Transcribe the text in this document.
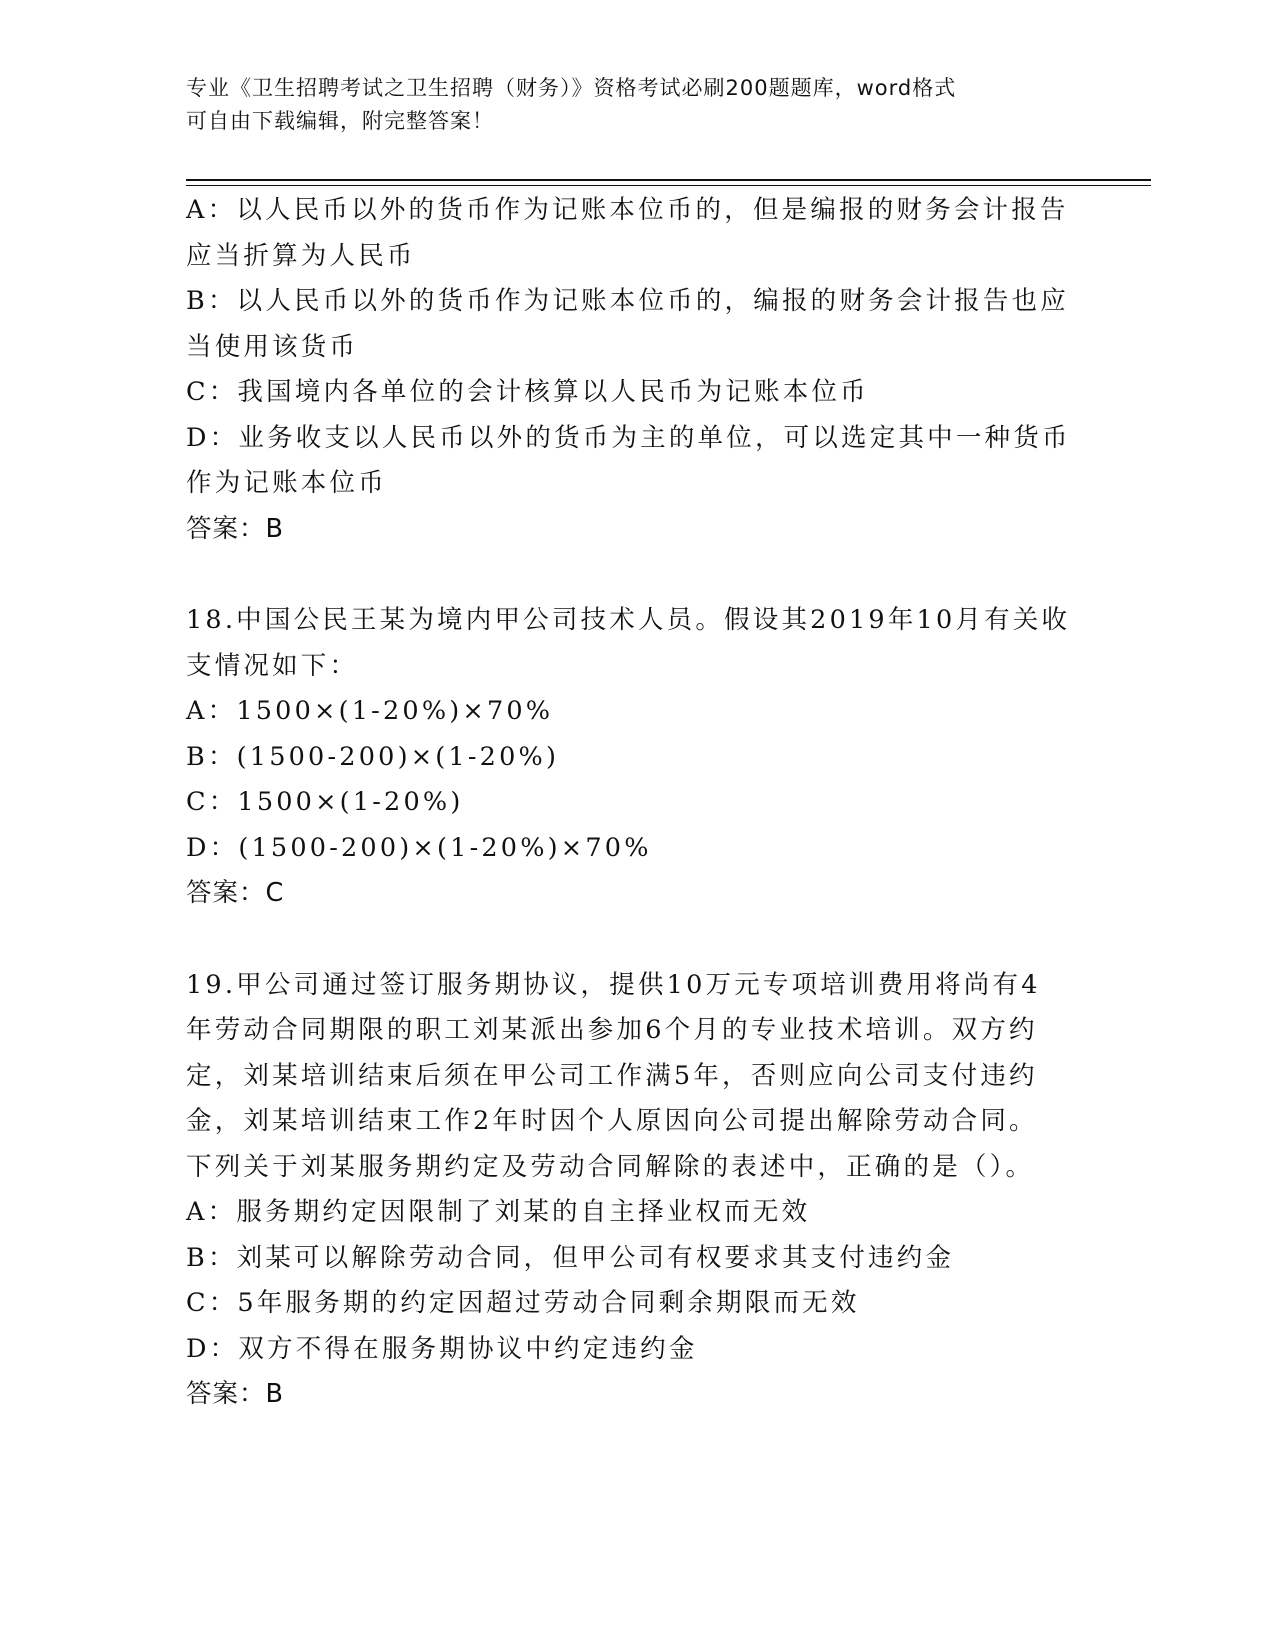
专业《卫生招聘考试之卫生招聘（财务）》资格考试必刷200题题库，word格式
可自由下载编辑，附完整答案！
A：以人民币以外的货币作为记账本位币的，但是编报的财务会计报告
应当折算为人民币
B：以人民币以外的货币作为记账本位币的，编报的财务会计报告也应
当使用该货币
C：我国境内各单位的会计核算以人民币为记账本位币
D：业务收支以人民币以外的货币为主的单位，可以选定其中一种货币
作为记账本位币
答案：B
18.中国公民王某为境内甲公司技术人员。假设其2019年10月有关收
支情况如下：
A：1500×(1-20%)×70%
B：(1500-200)×(1-20%)
C：1500×(1-20%)
D：(1500-200)×(1-20%)×70%
答案：C
19.甲公司通过签订服务期协议，提供10万元专项培训费用将尚有4
年劳动合同期限的职工刘某派出参加6个月的专业技术培训。双方约
定，刘某培训结束后须在甲公司工作满5年，否则应向公司支付违约
金，刘某培训结束工作2年时因个人原因向公司提出解除劳动合同。
下列关于刘某服务期约定及劳动合同解除的表述中，正确的是（）。
A：服务期约定因限制了刘某的自主择业权而无效
B：刘某可以解除劳动合同，但甲公司有权要求其支付违约金
C：5年服务期的约定因超过劳动合同剩余期限而无效
D：双方不得在服务期协议中约定违约金
答案：B
